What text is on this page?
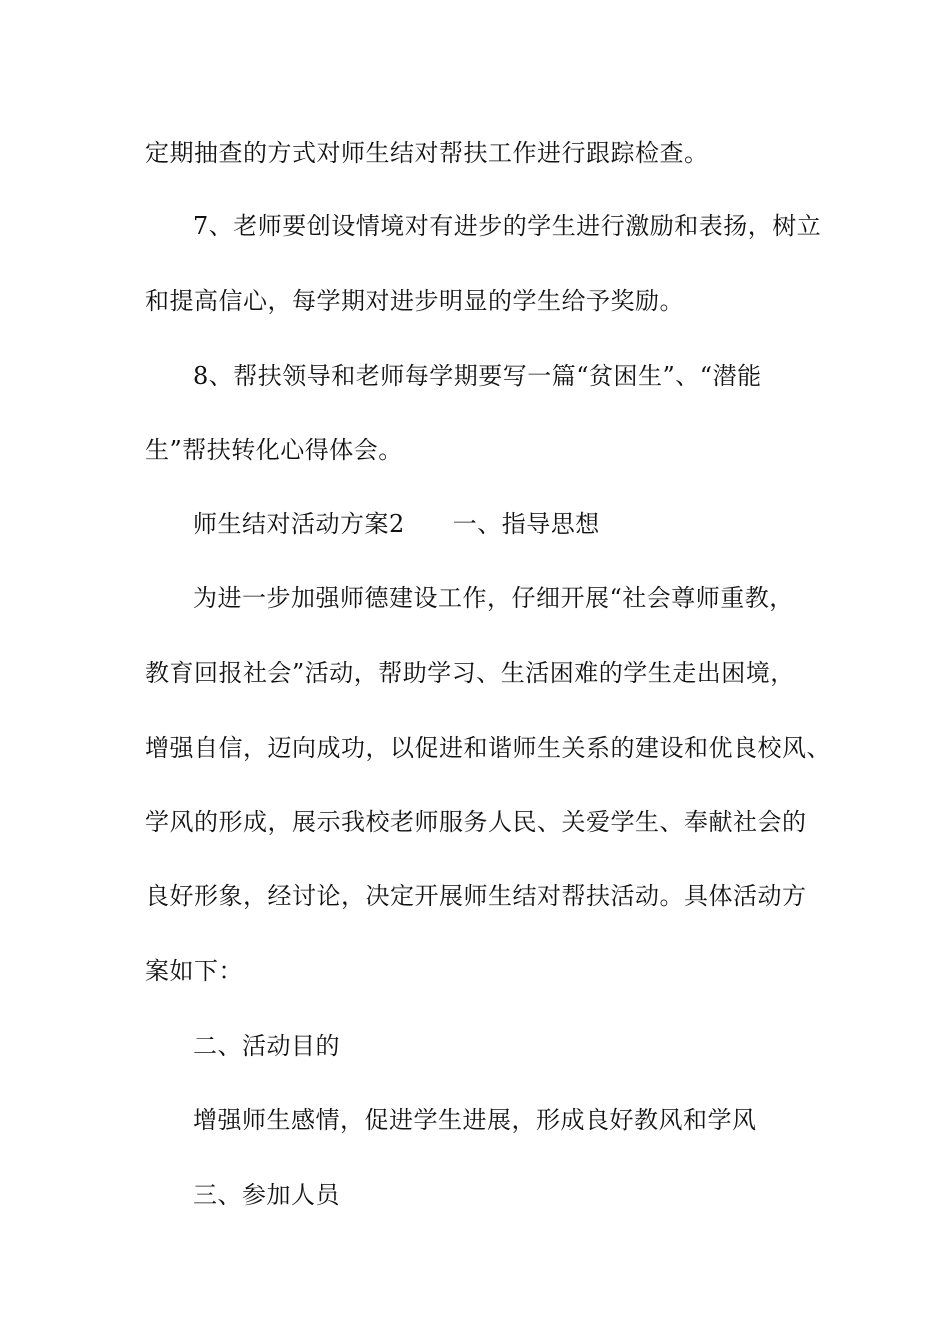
定期抽查的方式对师生结对帮扶工作进行跟踪检查。
7、老师要创设情境对有进步的学生进行激励和表扬，树立
和提高信心，每学期对进步明显的学生给予奖励。
8、帮扶领导和老师每学期要写一篇“贫困生”、“潜能
生”帮扶转化心得体会。
师生结对活动方案2 一、指导思想
为进一步加强师德建设工作，仔细开展“社会尊师重教，
教育回报社会”活动，帮助学习、生活困难的学生走出困境，
增强自信，迈向成功，以促进和谐师生关系的建设和优良校风、
学风的形成，展示我校老师服务人民、关爱学生、奉献社会的
良好形象，经讨论，决定开展师生结对帮扶活动。具体活动方
案如下：
二、活动目的
增强师生感情，促进学生进展，形成良好教风和学风
三、参加人员
